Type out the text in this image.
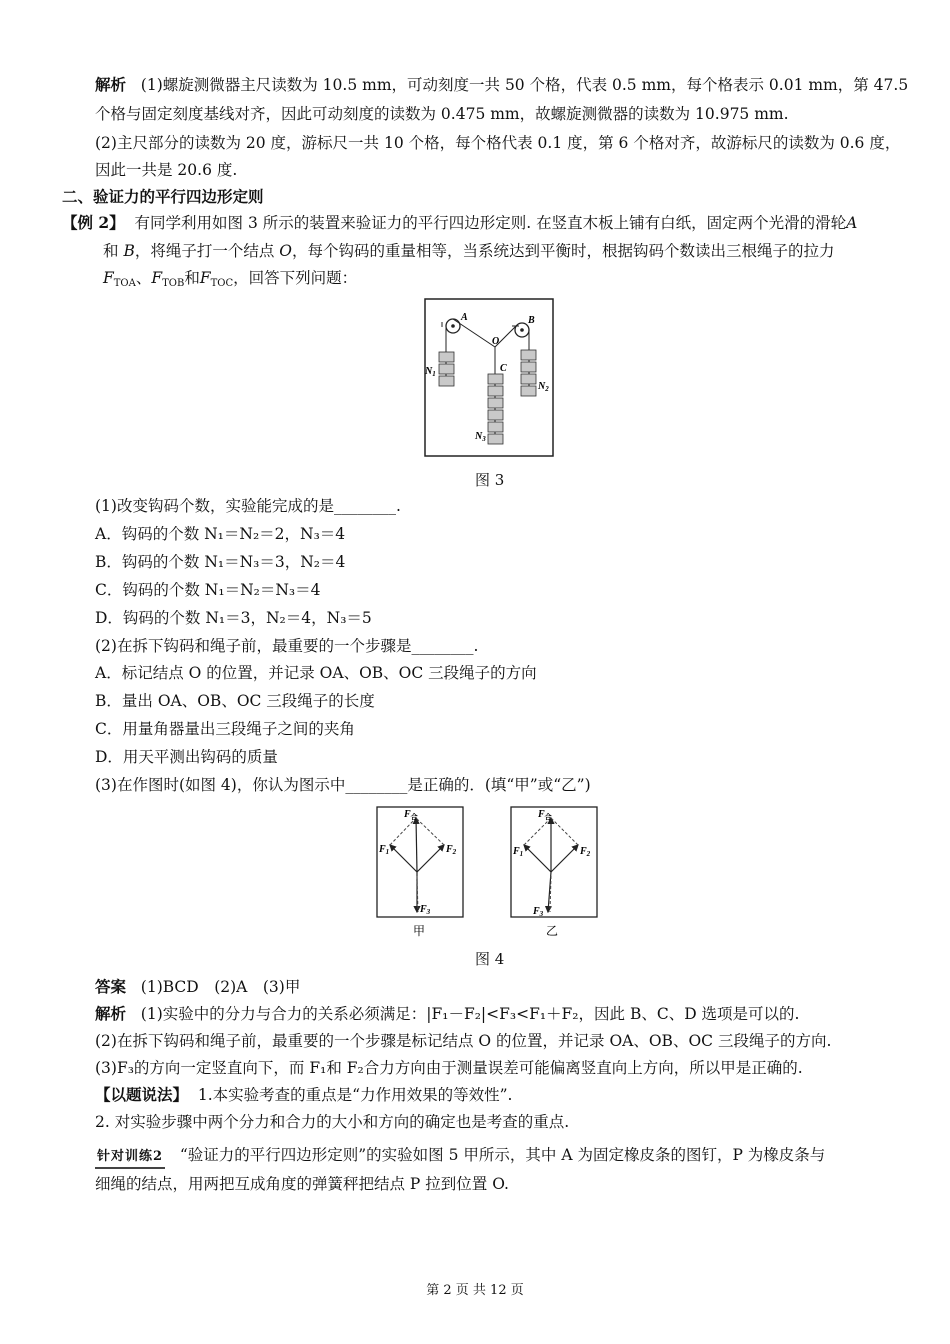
解析 (1)螺旋测微器主尺读数为 10.5 mm，可动刻度一共 50 个格，代表 0.5 mm，每个格表示 0.01 mm，第 47.5
个格与固定刻度基线对齐，因此可动刻度的读数为 0.475 mm，故螺旋测微器的读数为 10.975 mm.
(2)主尺部分的读数为 20 度，游标尺一共 10 个格，每个格代表 0.1 度，第 6 个格对齐，故游标尺的读数为 0.6 度，
因此一共是 20.6 度.
二、验证力的平行四边形定则
【例 2】 有同学利用如图 3 所示的装置来验证力的平行四边形定则. 在竖直木板上铺有白纸，固定两个光滑的滑轮A
和 B，将绳子打一个结点 O，每个钩码的重量相等，当系统达到平衡时，根据钩码个数读出三根绳子的拉力
$F_{TOA}$、$F_{TOB}$和$F_{TOC}$，回答下列问题：
A	B
O
C
$N_1$
$N_2$
$N_3$
图 3
(1)改变钩码个数，实验能完成的是________.
A．钩码的个数 N₁＝N₂＝2，N₃＝4
B．钩码的个数 N₁＝N₃＝3，N₂＝4
C．钩码的个数 N₁＝N₂＝N₃＝4
D．钩码的个数 N₁＝3，N₂＝4，N₃＝5
(2)在拆下钩码和绳子前，最重要的一个步骤是________.
A．标记结点 O 的位置，并记录 OA、OB、OC 三段绳子的方向
B．量出 OA、OB、OC 三段绳子的长度
C．用量角器量出三段绳子之间的夹角
D．用天平测出钩码的质量
(3)在作图时(如图 4)，你认为图示中________是正确的．(填“甲”或“乙”)
$F_合$
$F_1$	$F_2$
$F_3$
甲
$F_合$
$F_1$	$F_2$
$F_3$
乙
图 4
答案 (1)BCD　(2)A　(3)甲
解析 (1)实验中的分力与合力的关系必须满足：|F₁－F₂|<F₃<F₁＋F₂，因此 B、C、D 选项是可以的.
(2)在拆下钩码和绳子前，最重要的一个步骤是标记结点 O 的位置，并记录 OA、OB、OC 三段绳子的方向.
(3)F₃的方向一定竖直向下，而 F₁和 F₂合力方向由于测量误差可能偏离竖直向上方向，所以甲是正确的.
【以题说法】 1.本实验考查的重点是“力作用效果的等效性”.
2. 对实验步骤中两个分力和合力的大小和方向的确定也是考查的重点.
针对训练2 “验证力的平行四边形定则”的实验如图 5 甲所示，其中 A 为固定橡皮条的图钉，P 为橡皮条与
细绳的结点，用两把互成角度的弹簧秤把结点 P 拉到位置 O.
第 2 页 共 12 页
